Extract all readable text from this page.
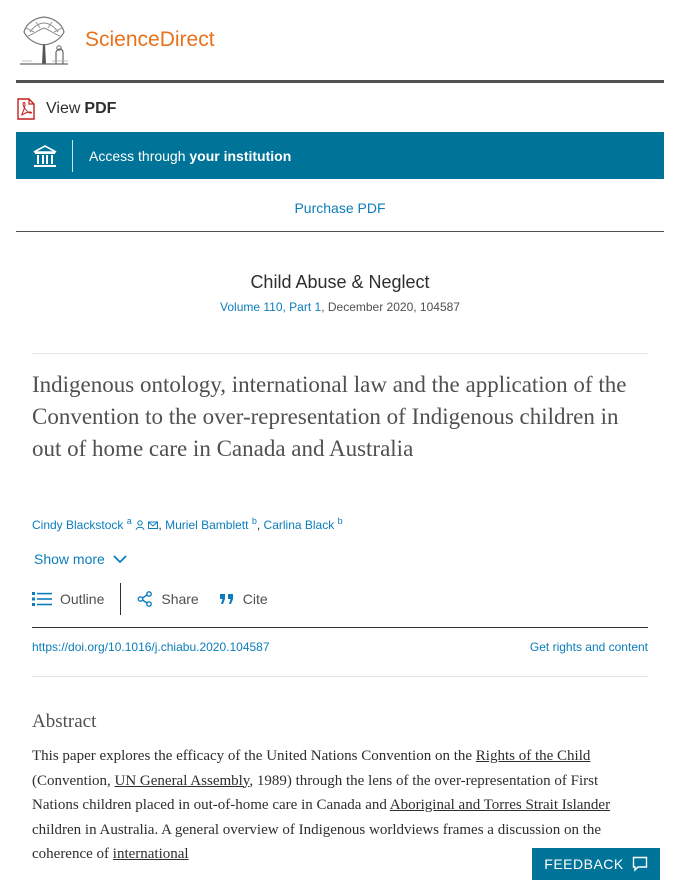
ScienceDirect
View PDF
Access through your institution
Purchase PDF
Child Abuse & Neglect
Volume 110, Part 1, December 2020, 104587
Indigenous ontology, international law and the application of the Convention to the over-representation of Indigenous children in out of home care in Canada and Australia
Cindy Blackstock $^a$ , Muriel Bamblett $^b$, Carlina Black $^b$
Show more
Outline	Share	Cite
https://doi.org/10.1016/j.chiabu.2020.104587	Get rights and content
Abstract

This paper explores the efficacy of the United Nations Convention on the Rights of the Child (Convention, UN General Assembly, 1989) through the lens of the over-representation of First Nations children placed in out-of-home care in Canada and Aboriginal and Torres Strait Islander children in Australia. A general overview of Indigenous worldviews frames a discussion on the coherence of international

FEEDBACK
